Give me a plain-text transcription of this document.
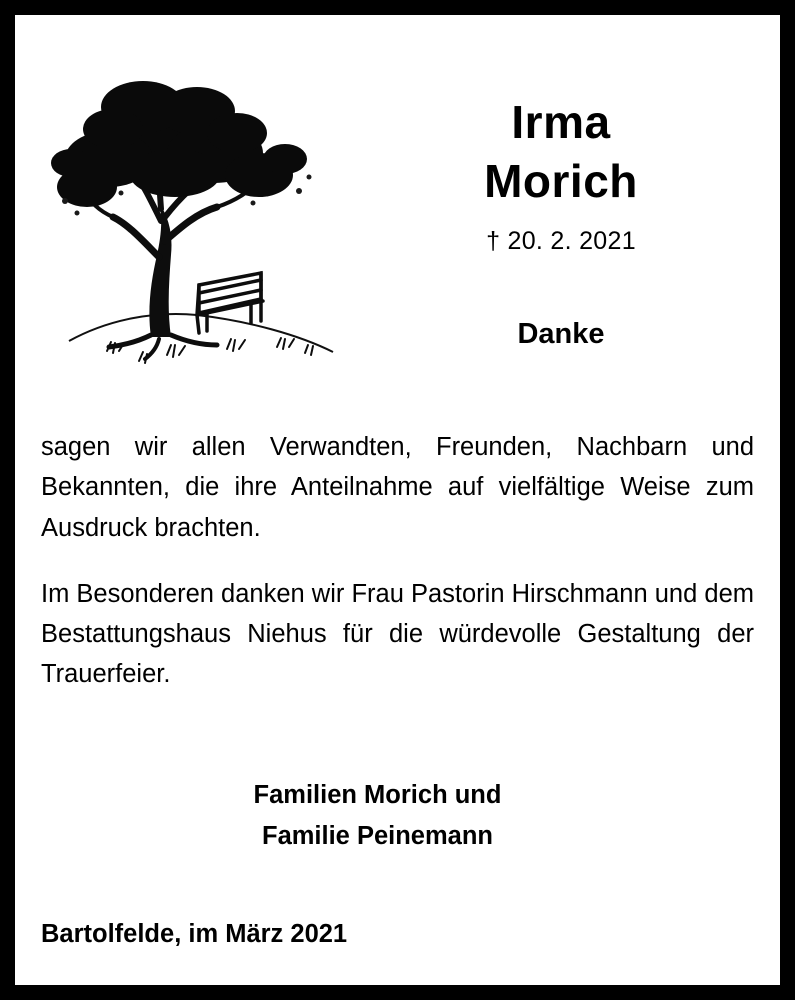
Irma
Morich
† 20. 2. 2021
Danke

sagen wir allen Verwandten, Freunden, Nachbarn und Bekannten, die ihre Anteilnahme auf vielfältige Weise zum Ausdruck brachten.

Im Besonderen danken wir Frau Pastorin Hirschmann und dem Bestattungshaus Niehus für die würdevolle Gestaltung der Trauerfeier.

Familien Morich und
Familie Peinemann
Bartolfelde, im März 2021
